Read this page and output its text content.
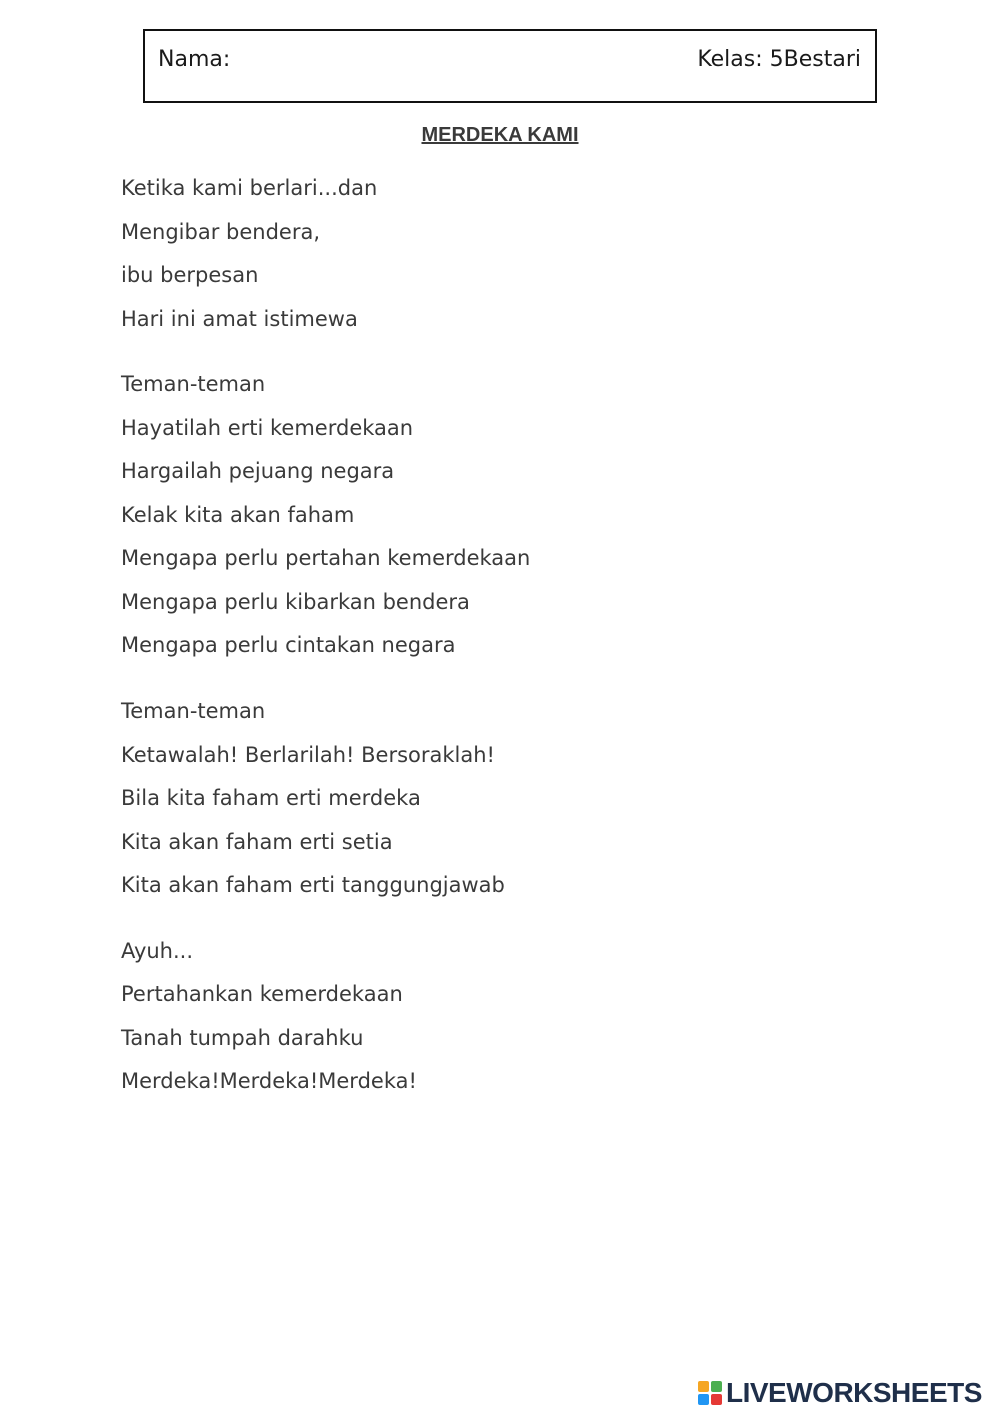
Nama:	Kelas: 5Bestari
MERDEKA KAMI
Ketika kami berlari...dan
Mengibar bendera,
ibu berpesan
Hari ini amat istimewa
Teman-teman
Hayatilah erti kemerdekaan
Hargailah pejuang negara
Kelak kita akan faham
Mengapa perlu pertahan kemerdekaan
Mengapa perlu kibarkan bendera
Mengapa perlu cintakan negara
Teman-teman
Ketawalah! Berlarilah! Bersoraklah!
Bila kita faham erti merdeka
Kita akan faham erti setia
Kita akan faham erti tanggungjawab
Ayuh...
Pertahankan kemerdekaan
Tanah tumpah darahku
Merdeka!Merdeka!Merdeka!
LIVEWORKSHEETS
